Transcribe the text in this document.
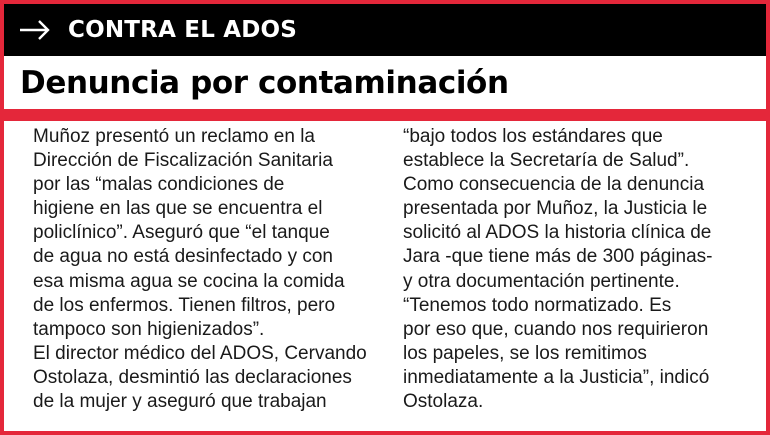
CONTRA EL ADOS
Denuncia por contaminación
Muñoz presentó un reclamo en la
Dirección de Fiscalización Sanitaria
por las “malas condiciones de
higiene en las que se encuentra el
policlínico”. Aseguró que “el tanque
de agua no está desinfectado y con
esa misma agua se cocina la comida
de los enfermos. Tienen filtros, pero
tampoco son higienizados”.
El director médico del ADOS, Cervando
Ostolaza, desmintió las declaraciones
de la mujer y aseguró que trabajan
“bajo todos los estándares que
establece la Secretaría de Salud”.
Como consecuencia de la denuncia
presentada por Muñoz, la Justicia le
solicitó al ADOS la historia clínica de
Jara -que tiene más de 300 páginas-
y otra documentación pertinente.
“Tenemos todo normatizado. Es
por eso que, cuando nos requirieron
los papeles, se los remitimos
inmediatamente a la Justicia”, indicó
Ostolaza.
